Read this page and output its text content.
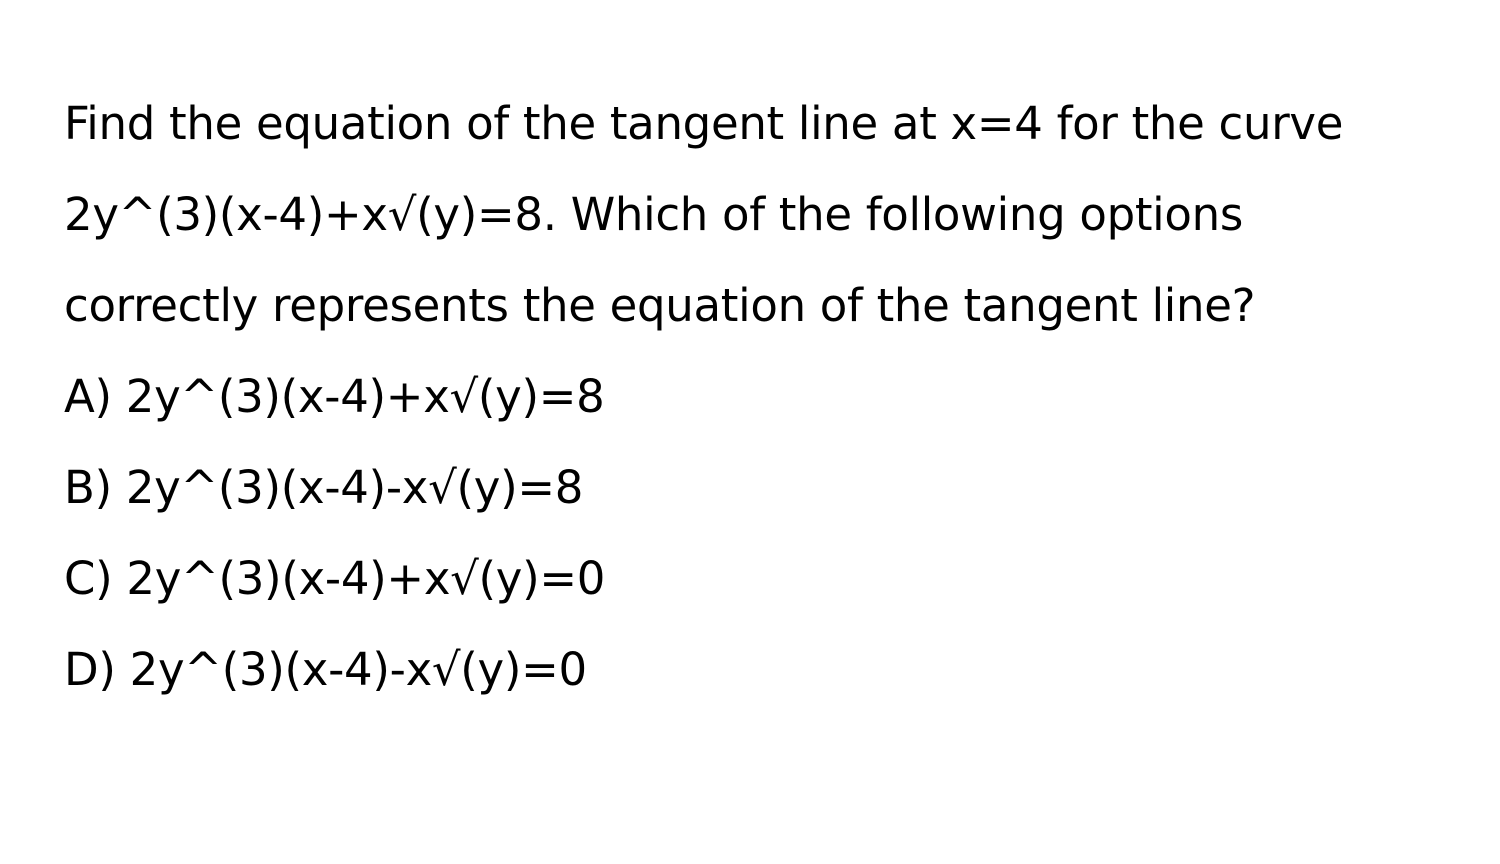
Find the equation of the tangent line at x=4 for the curve 2y^(3)(x-4)+x√(y)=8. Which of the following options correctly represents the equation of the tangent line?

A) 2y^(3)(x-4)+x√(y)=8
B) 2y^(3)(x-4)-x√(y)=8
C) 2y^(3)(x-4)+x√(y)=0
D) 2y^(3)(x-4)-x√(y)=0
